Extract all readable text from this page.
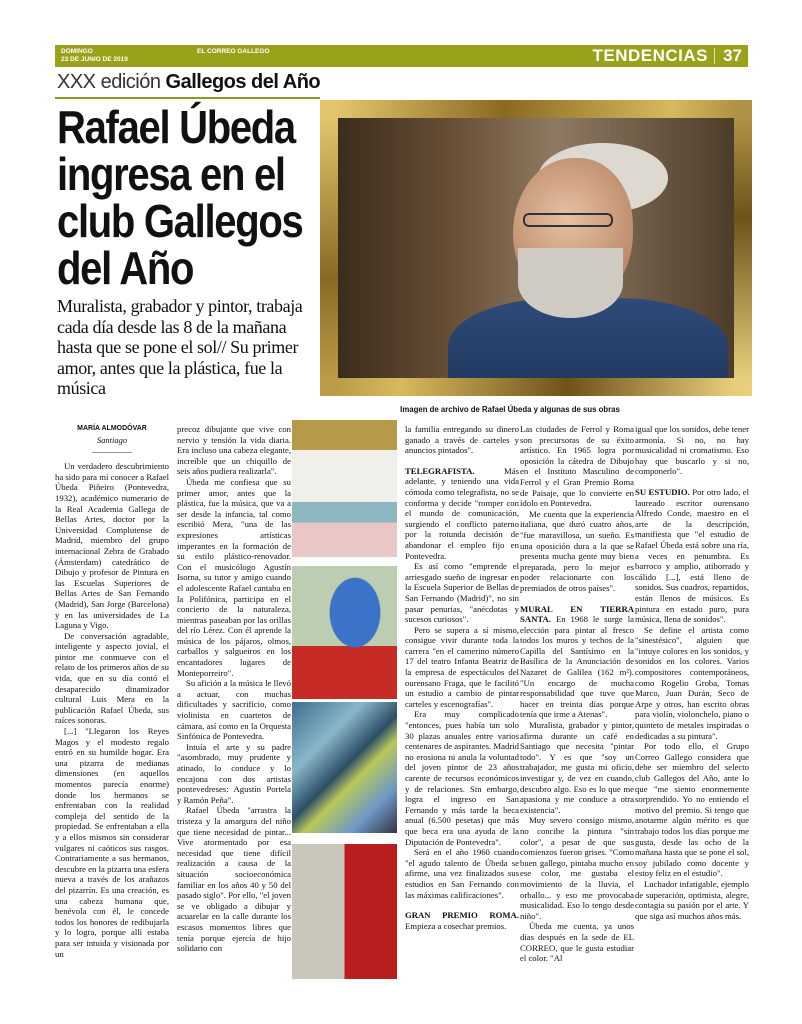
DOMINGO
23 DE JUNIO DE 2019
EL CORREO GALLEGO	TENDENCIAS 37
XXX edición Gallegos del Año
Rafael Úbeda ingresa en el club Gallegos del Año
Muralista, grabador y pintor, trabaja cada día desde las 8 de la mañana hasta que se pone el sol// Su primer amor, antes que la plástica, fue la música
Imagen de archivo de Rafael Úbeda y algunas de sus obras
MARÍA ALMODÓVAR
Santiago

Un verdadero descubrimiento ha sido para mí conocer a Rafael Úbeda Piñeiro (Pontevedra, 1932), académico numerario de la Real Academia Gallega de Bellas Artes, doctor por la Universidad Complutense de Madrid, miembro del grupo internacional Zebra de Grabado (Ámsterdam) catedrático de Dibujo y profesor de Pintura en las Escuelas Superiores de Bellas Artes de San Fernando (Madrid), San Jorge (Barcelona) y en las universidades de La Laguna y Vigo.

De conversación agradable, inteligente y aspecto jovial, el pintor me conmueve con el relato de los primeros años de su vida, que en su día contó el desaparecido dinamizador cultural Luis Mera en la publicación Rafael Úbeda, sus raíces sonoras.

[...] "Llegaron los Reyes Magos y el modesto regalo entró en su humilde hogar. Era una pizarra de medianas dimensiones (en aquellos momentos parecía enorme) donde los hermanos se enfrentaban con la realidad compleja del sentido de la propiedad. Se enfrentaban a ella y a ellos mismos sin considerar vulgares ni caóticos sus rasgos. Contrariamente a sus hermanos, descubre en la pizarra una esfera nueva a través de los arañazos del pizarrín. Es una creación, es una cabeza humana que, benévola con él, le concede todos los honores de redibujarla y lo logra, porque allí estaba para ser intuida y visionada por un

precoz dibujante que vive con nervio y tensión la vida diaria. Era incluso una cabeza elegante, increíble que un chiquillo de seis años pudiera realizarla".

Úbeda me confiesa que su primer amor, antes que la plástica, fue la música, que va a ser desde la infancia, tal como escribió Mera, "una de las expresiones artísticas imperantes en la formación de su estilo plástico-renovador. Con el musicólogo Agustín Isorna, su tutor y amigo cuando el adolescente Rafael cantaba en la Polifónica, participa en el concierto de la naturaleza, mientras paseaban por las orillas del río Lérez. Con él aprende la música de los pájaros, olmos, carballos y salgueiros en los encantadores lugares de Monteporreiro".

Su afición a la música le llevó a actuar, con muchas dificultades y sacrificio, como violinista en cuartetos de cámara, así como en la Orquesta Sinfónica de Pontevedra.

Intuía el arte y su padre "asombrado, muy prudente y atinado, lo conduce y lo encajona con dos artistas pontevedreses: Agustín Portela y Ramón Peña".

Rafael Úbeda "arrastra la tristeza y la amargura del niño que tiene necesidad de pintar... Vive atormentado por esa necesidad que tiene difícil realización a causa de la situación socioeconómica familiar en los años 40 y 50 del pasado siglo". Por ello, "el joven se ve obligado a dibujar y acuarelar en la calle durante los escasos momentos libres que tenía porque ejercía de hijo solidario con

la familia entregando su dinero ganado a través de carteles y anuncios pintados".

TELEGRAFISTA. Más adelante, y teniendo una vida cómoda como telegrafista, no se conforma y decide "romper con el mundo de comunicación, surgiendo el conflicto paterno por la rotunda decisión de abandonar el empleo fijo en Pontevedra.

Es así como "emprende el arriesgado sueño de ingresar en la Escuela Superior de Bellas de San Fernando (Madrid)", no sin pasar penurias, "anécdotas y sucesos curiosos".

Pero se supera a sí mismo, consigue vivir durante toda la carrera "en el camerino número 17 del teatro Infanta Beatriz de la empresa de espectáculos del ourensano Fraga, que le facilitó un estudio a cambio de pintar carteles y escenografías".

Era muy complicado "entonces, pues había tan solo 30 plazas anuales entre varios centenares de aspirantes. Madrid no erosiona ni anula la voluntad del joven pintor de 23 años carente de recursos económicos y de relaciones. Sin embargo, logra el ingreso en San Fernando y más tarde la beca anual (6.500 pesetas) que más que beca era una ayuda de la Diputación de Pontevedra".

Será en el año 1960 cuando "el agudo talento de Úbeda se afirme, una vez finalizados sus estudios en San Fernando con las máximas calificaciones".

GRAN PREMIO ROMA. Empieza a cosechar premios.

Las ciudades de Ferrol y Roma son precursoras de su éxito artístico. En 1965 logra por oposición la cátedra de Dibujo en el Instituto Masculino de Ferrol y el Gran Premio Roma de Paisaje, que lo convierte en ídolo en Pontevedra.

Me cuenta que la experiencia italiana, que duró cuatro años, "fue maravillosa, un sueño. Es una oposición dura a la que se presenta mucha gente muy bien preparada, pero lo mejor es poder relacionarte con los premiados de otros países".

MURAL EN TIERRA SANTA. En 1968 le surge la elección para pintar al fresco todos los muros y techos de la Capilla del Santísimo en la Basílica de la Anunciación de Nazaret de Galilea (162 m²). "Un encargo de mucha responsabilidad que tuve que hacer en treinta días porque tenía que irme a Atenas".

Muralista, grabador y pintor, afirma durante un café en Santiago que necesita "pintar todo". Y es que "soy un trabajador, me gusta mi oficio, investigar y, de vez en cuando, descubro algo. Eso es lo que me apasiona y me conduce a otra existencia".

Muy severo consigo mismo, no concibe la pintura "sin color", a pesar de que sus comienzos fueron grises. "Como buen gallego, pintaba mucho en ese color, me gustaba el movimiento de la lluvia, el orballo... y eso me provocaba musicalidad. Eso lo tengo desde niño".

Úbeda me cuenta, ya unos días después en la sede de EL CORREO, que le gusta estudiar el color. "Al

igual que los sonidos, debe tener armonía. Si no, no hay musicalidad ni cromatismo. Eso hay que buscarlo y si no, componerlo".

SU ESTUDIO. Por otro lado, el laureado escritor ourensano Alfredo Conde, maestro en el arte de la descripción, manifiesta que "el estudio de Rafael Úbeda está sobre una ría, a veces en penumbra. Es barroco y amplio, atiborrado y cálido [...], está lleno de sonidos. Sus cuadros, repartidos, están llenos de músicos. Es pintura en estado puro, pura música, llena de sonidos".

Se define el artista como "sinestésico", alguien que "intuye colores en los sonidos, y sonidos en los colores. Varios compositores contemporáneos, como Rogelio Groba, Tomas Marco, Juan Durán, Seco de Arpe y otros, han escrito obras para violín, violonchelo, piano o quinteto de metales inspiradas o dedicadas a su pintura".

Por todo ello, el Grupo Correo Gallego considera que debe ser miembro del selecto club Gallegos del Año, ante lo que "me siento enormemente sorprendido. Yo no entiendo el motivo del premio. Si tengo que anotarme algún mérito es que trabajo todos los días porque me gusta, desde las ocho de la mañana hasta que se pone el sol, soy jubilado como docente y estoy feliz en el estudio".

Luchador infatigable, ejemplo de superación, optimista, alegre, contagia su pasión por el arte. Y que siga así muchos años más.
